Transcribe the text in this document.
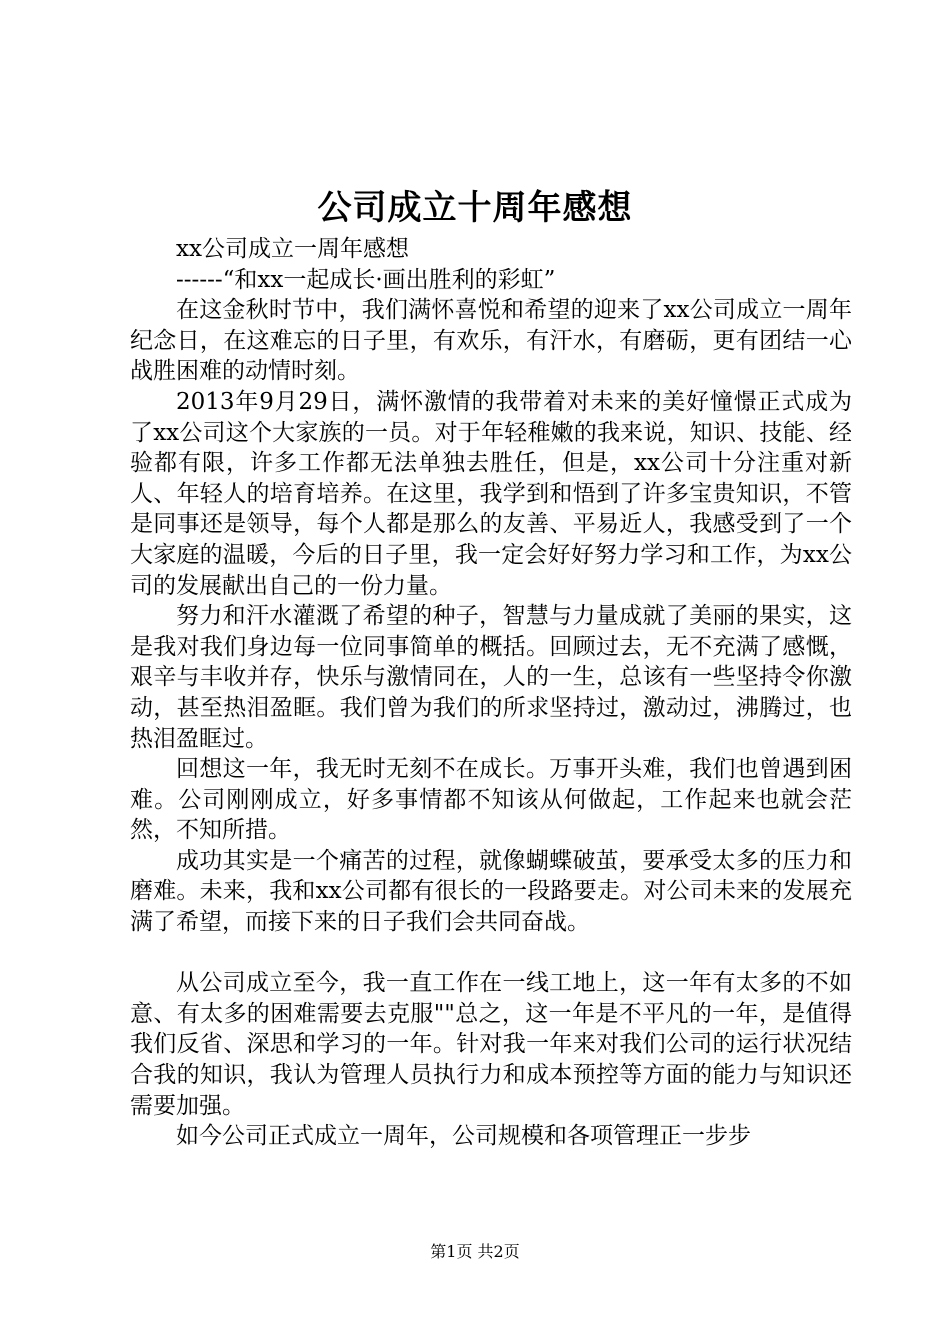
公司成立十周年感想

xx公司成立一周年感想

------“和xx一起成长·画出胜利的彩虹”

在这金秋时节中，我们满怀喜悦和希望的迎来了xx公司成立一周年纪念日，在这难忘的日子里，有欢乐，有汗水，有磨砺，更有团结一心战胜困难的动情时刻。

2013年9月29日，满怀激情的我带着对未来的美好憧憬正式成为了xx公司这个大家族的一员。对于年轻稚嫩的我来说，知识、技能、经验都有限，许多工作都无法单独去胜任，但是，xx公司十分注重对新人、年轻人的培育培养。在这里，我学到和悟到了许多宝贵知识，不管是同事还是领导，每个人都是那么的友善、平易近人，我感受到了一个大家庭的温暖，今后的日子里，我一定会好好努力学习和工作，为xx公司的发展献出自己的一份力量。

努力和汗水灌溉了希望的种子，智慧与力量成就了美丽的果实，这是我对我们身边每一位同事简单的概括。回顾过去，无不充满了感慨，艰辛与丰收并存，快乐与激情同在，人的一生，总该有一些坚持令你激动，甚至热泪盈眶。我们曾为我们的所求坚持过，激动过，沸腾过，也热泪盈眶过。

回想这一年，我无时无刻不在成长。万事开头难，我们也曾遇到困难。公司刚刚成立，好多事情都不知该从何做起，工作起来也就会茫然，不知所措。

成功其实是一个痛苦的过程，就像蝴蝶破茧，要承受太多的压力和磨难。未来，我和xx公司都有很长的一段路要走。对公司未来的发展充满了希望，而接下来的日子我们会共同奋战。

从公司成立至今，我一直工作在一线工地上，这一年有太多的不如意、有太多的困难需要去克服""总之，这一年是不平凡的一年，是值得我们反省、深思和学习的一年。针对我一年来对我们公司的运行状况结合我的知识，我认为管理人员执行力和成本预控等方面的能力与知识还需要加强。

如今公司正式成立一周年，公司规模和各项管理正一步步

第1页 共2页
